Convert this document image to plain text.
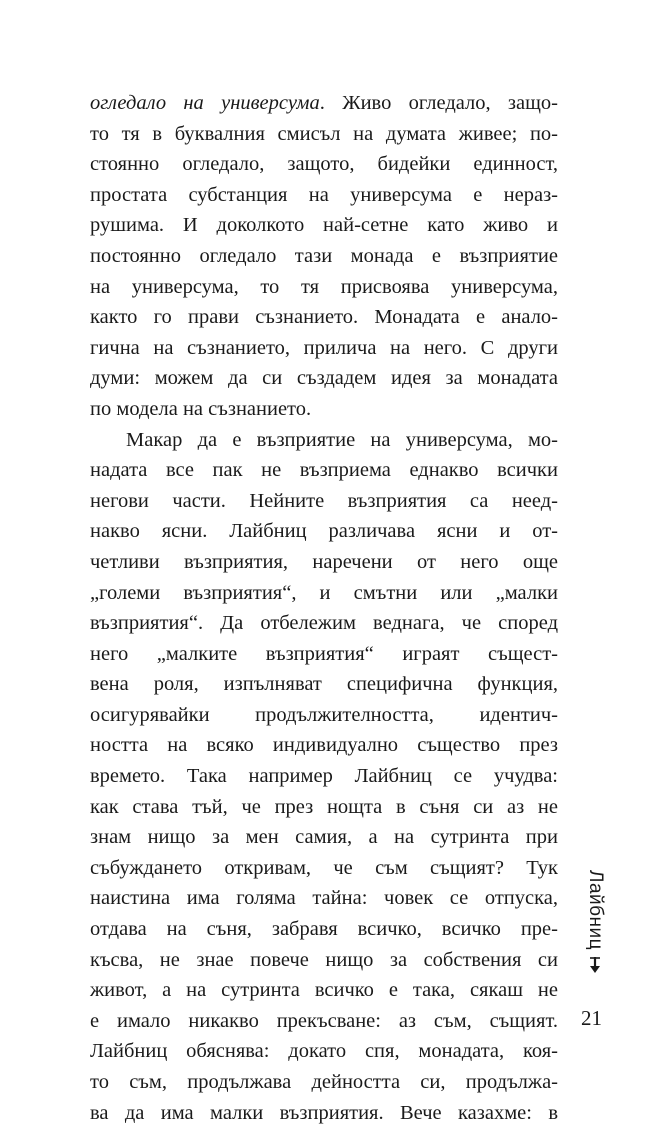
огледало на универсума. Живо огледало, защо-
то тя в буквалния смисъл на думата живее; по-
стоянно огледало, защото, бидейки единност,
простата субстанция на универсума е нераз-
рушима. И доколкото най-сетне като живо и
постоянно огледало тази монада е възприятие
на универсума, то тя присвоява универсума,
както го прави съзнанието. Монадата е анало-
гична на съзнанието, прилича на него. С други
думи: можем да си създадем идея за монадата
по модела на съзнанието.
Макар да е възприятие на универсума, мо-
надата все пак не възприема еднакво всички
негови части. Нейните възприятия са неед-
накво ясни. Лайбниц различава ясни и от-
четливи възприятия, наречени от него още
„големи възприятия“, и смътни или „малки
възприятия“. Да отбележим веднага, че според
него „малките възприятия“ играят същест-
вена роля, изпълняват специфична функция,
осигурявайки продължителността, идентич-
ността на всяко индивидуално същество през
времето. Така например Лайбниц се учудва:
как става тъй, че през нощта в съня си аз не
знам нищо за мен самия, а на сутринта при
събуждането откривам, че съм същият? Тук
наистина има голяма тайна: човек се отпуска,
отдава на съня, забравя всичко, всичко пре-
късва, не знае повече нищо за собствения си
живот, а на сутринта всичко е така, сякаш не
е имало никакво прекъсване: аз съм, същият.
Лайбниц обяснява: докато спя, монадата, коя-
то съм, продължава дейността си, продължа-
ва да има малки възприятия. Вече казахме: в
Лайбниц
21
